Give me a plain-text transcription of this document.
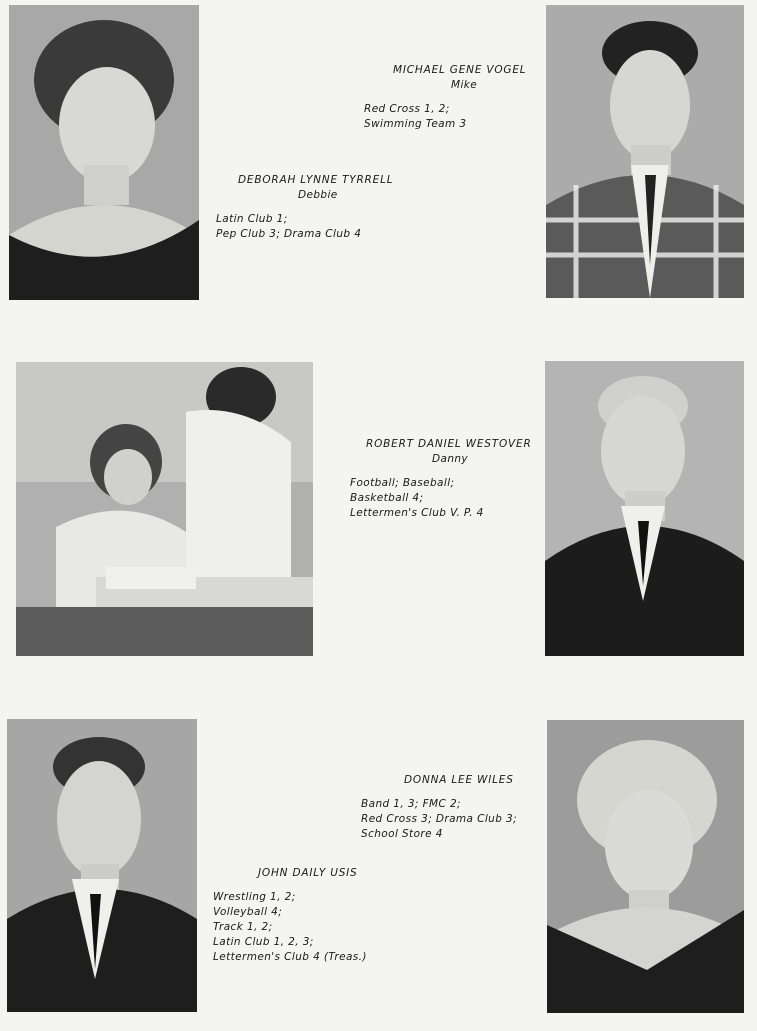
MICHAEL GENE VOGEL
Mike
Red Cross 1, 2;
Swimming Team 3
DEBORAH LYNNE TYRRELL
Debbie
Latin Club 1;
Pep Club 3; Drama Club 4
ROBERT DANIEL WESTOVER
Danny
Football; Baseball;
Basketball 4;
Lettermen's Club V. P. 4
DONNA LEE WILES
Band 1, 3; FMC 2;
Red Cross 3; Drama Club 3;
School Store 4
JOHN DAILY USIS
Wrestling 1, 2;
Volleyball 4;
Track 1, 2;
Latin Club 1, 2, 3;
Lettermen's Club 4 (Treas.)
